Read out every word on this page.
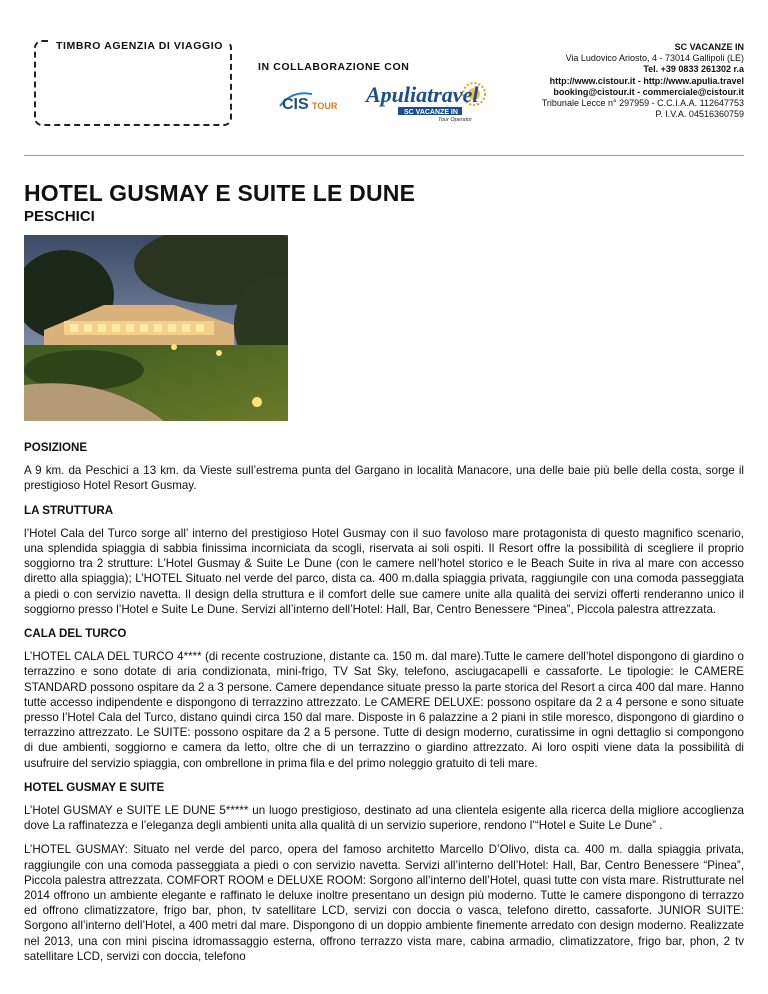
TIMBRO AGENZIA DI VIAGGIO
IN COLLABORAZIONE CON
CIS TOUR Apuliatravel
SC VACANZE IN
Tour Operator
SC VACANZE IN
Via Ludovico Ariosto, 4 - 73014 Gallipoli (LE)
Tel. +39 0833 261302 r.a
http://www.cistour.it - http://www.apulia.travel
booking@cistour.it - commerciale@cistour.it
Tribunale Lecce n° 297959 - C.C.I.A.A. 112647753
P. I.V.A. 04516360759
HOTEL GUSMAY E SUITE LE DUNE
PESCHICI
POSIZIONE

A 9 km. da Peschici a 13 km. da Vieste sull’estrema punta del Gargano in località Manacore, una delle baie più belle della costa, sorge il prestigioso Hotel Resort Gusmay.

LA STRUTTURA

l’Hotel Cala del Turco sorge all’ interno del prestigioso Hotel Gusmay con il suo favoloso mare protagonista di questo magnifico scenario, una splendida spiaggia di sabbia finissima incorniciata da scogli, riservata ai soli ospiti. Il Resort offre la possibilità di scegliere il proprio soggiorno tra 2 strutture: L’Hotel Gusmay & Suite Le Dune (con le camere nell’hotel storico e le Beach Suite in riva al mare con accesso diretto alla spiaggia); L’HOTEL Situato nel verde del parco, dista ca. 400 m.dalla spiaggia privata, raggiungile con una comoda passeggiata a piedi o con servizio navetta. Il design della struttura e il comfort delle sue camere unite alla qualità dei servizi offerti renderanno unico il soggiorno presso l’Hotel e Suite Le Dune. Servizi all’interno dell’Hotel: Hall, Bar, Centro Benessere “Pinea”, Piccola palestra attrezzata.

CALA DEL TURCO

L’HOTEL CALA DEL TURCO 4**** (di recente costruzione, distante ca. 150 m. dal mare).Tutte le camere dell’hotel dispongono di giardino o terrazzino e sono dotate di aria condizionata, mini-frigo, TV Sat Sky, telefono, asciugacapelli e cassaforte. Le tipologie: le CAMERE STANDARD possono ospitare da 2 a 3 persone. Camere dependance situate presso la parte storica del Resort a circa 400 dal mare. Hanno tutte accesso indipendente e dispongono di terrazzino attrezzato. Le CAMERE DELUXE: possono ospitare da 2 a 4 persone e sono situate presso l’Hotel Cala del Turco, distano quindi circa 150 dal mare. Disposte in 6 palazzine a 2 piani in stile moresco, dispongono di giardino o terrazzino attrezzato. Le SUITE: possono ospitare da 2 a 5 persone. Tutte di design moderno, curatissime in ogni dettaglio si compongono di due ambienti, soggiorno e camera da letto, oltre che di un terrazzino o giardino attrezzato. Ai loro ospiti viene data la possibilità di usufruire del servizio spiaggia, con ombrellone in prima fila e del primo noleggio gratuito di teli mare.

HOTEL GUSMAY E SUITE

L’Hotel GUSMAY e SUITE LE DUNE 5***** un luogo prestigioso, destinato ad una clientela esigente alla ricerca della migliore accoglienza dove La raffinatezza e l’eleganza degli ambienti unita alla qualità di un servizio superiore, rendono l’“Hotel e Suite Le Dune” .

L’HOTEL GUSMAY: Situato nel verde del parco, opera del famoso architetto Marcello D’Olivo, dista ca. 400 m. dalla spiaggia privata, raggiungile con una comoda passeggiata a piedi o con servizio navetta. Servizi all’interno dell’Hotel: Hall, Bar, Centro Benessere “Pinea”, Piccola palestra attrezzata. COMFORT ROOM e DELUXE ROOM: Sorgono all’interno dell’Hotel, quasi tutte con vista mare. Ristrutturate nel 2014 offrono un ambiente elegante e raffinato le deluxe inoltre presentano un design più moderno. Tutte le camere dispongono di terrazzo ed offrono climatizzatore, frigo bar, phon, tv satellitare LCD, servizi con doccia o vasca, telefono diretto, cassaforte. JUNIOR SUITE: Sorgono all’interno dell’Hotel, a 400 metri dal mare. Dispongono di un doppio ambiente finemente arredato con design moderno. Realizzate nel 2013, una con mini piscina idromassaggio esterna, offrono terrazzo vista mare, cabina armadio, climatizzatore, frigo bar, phon, 2 tv satellitare LCD, servizi con doccia, telefono
